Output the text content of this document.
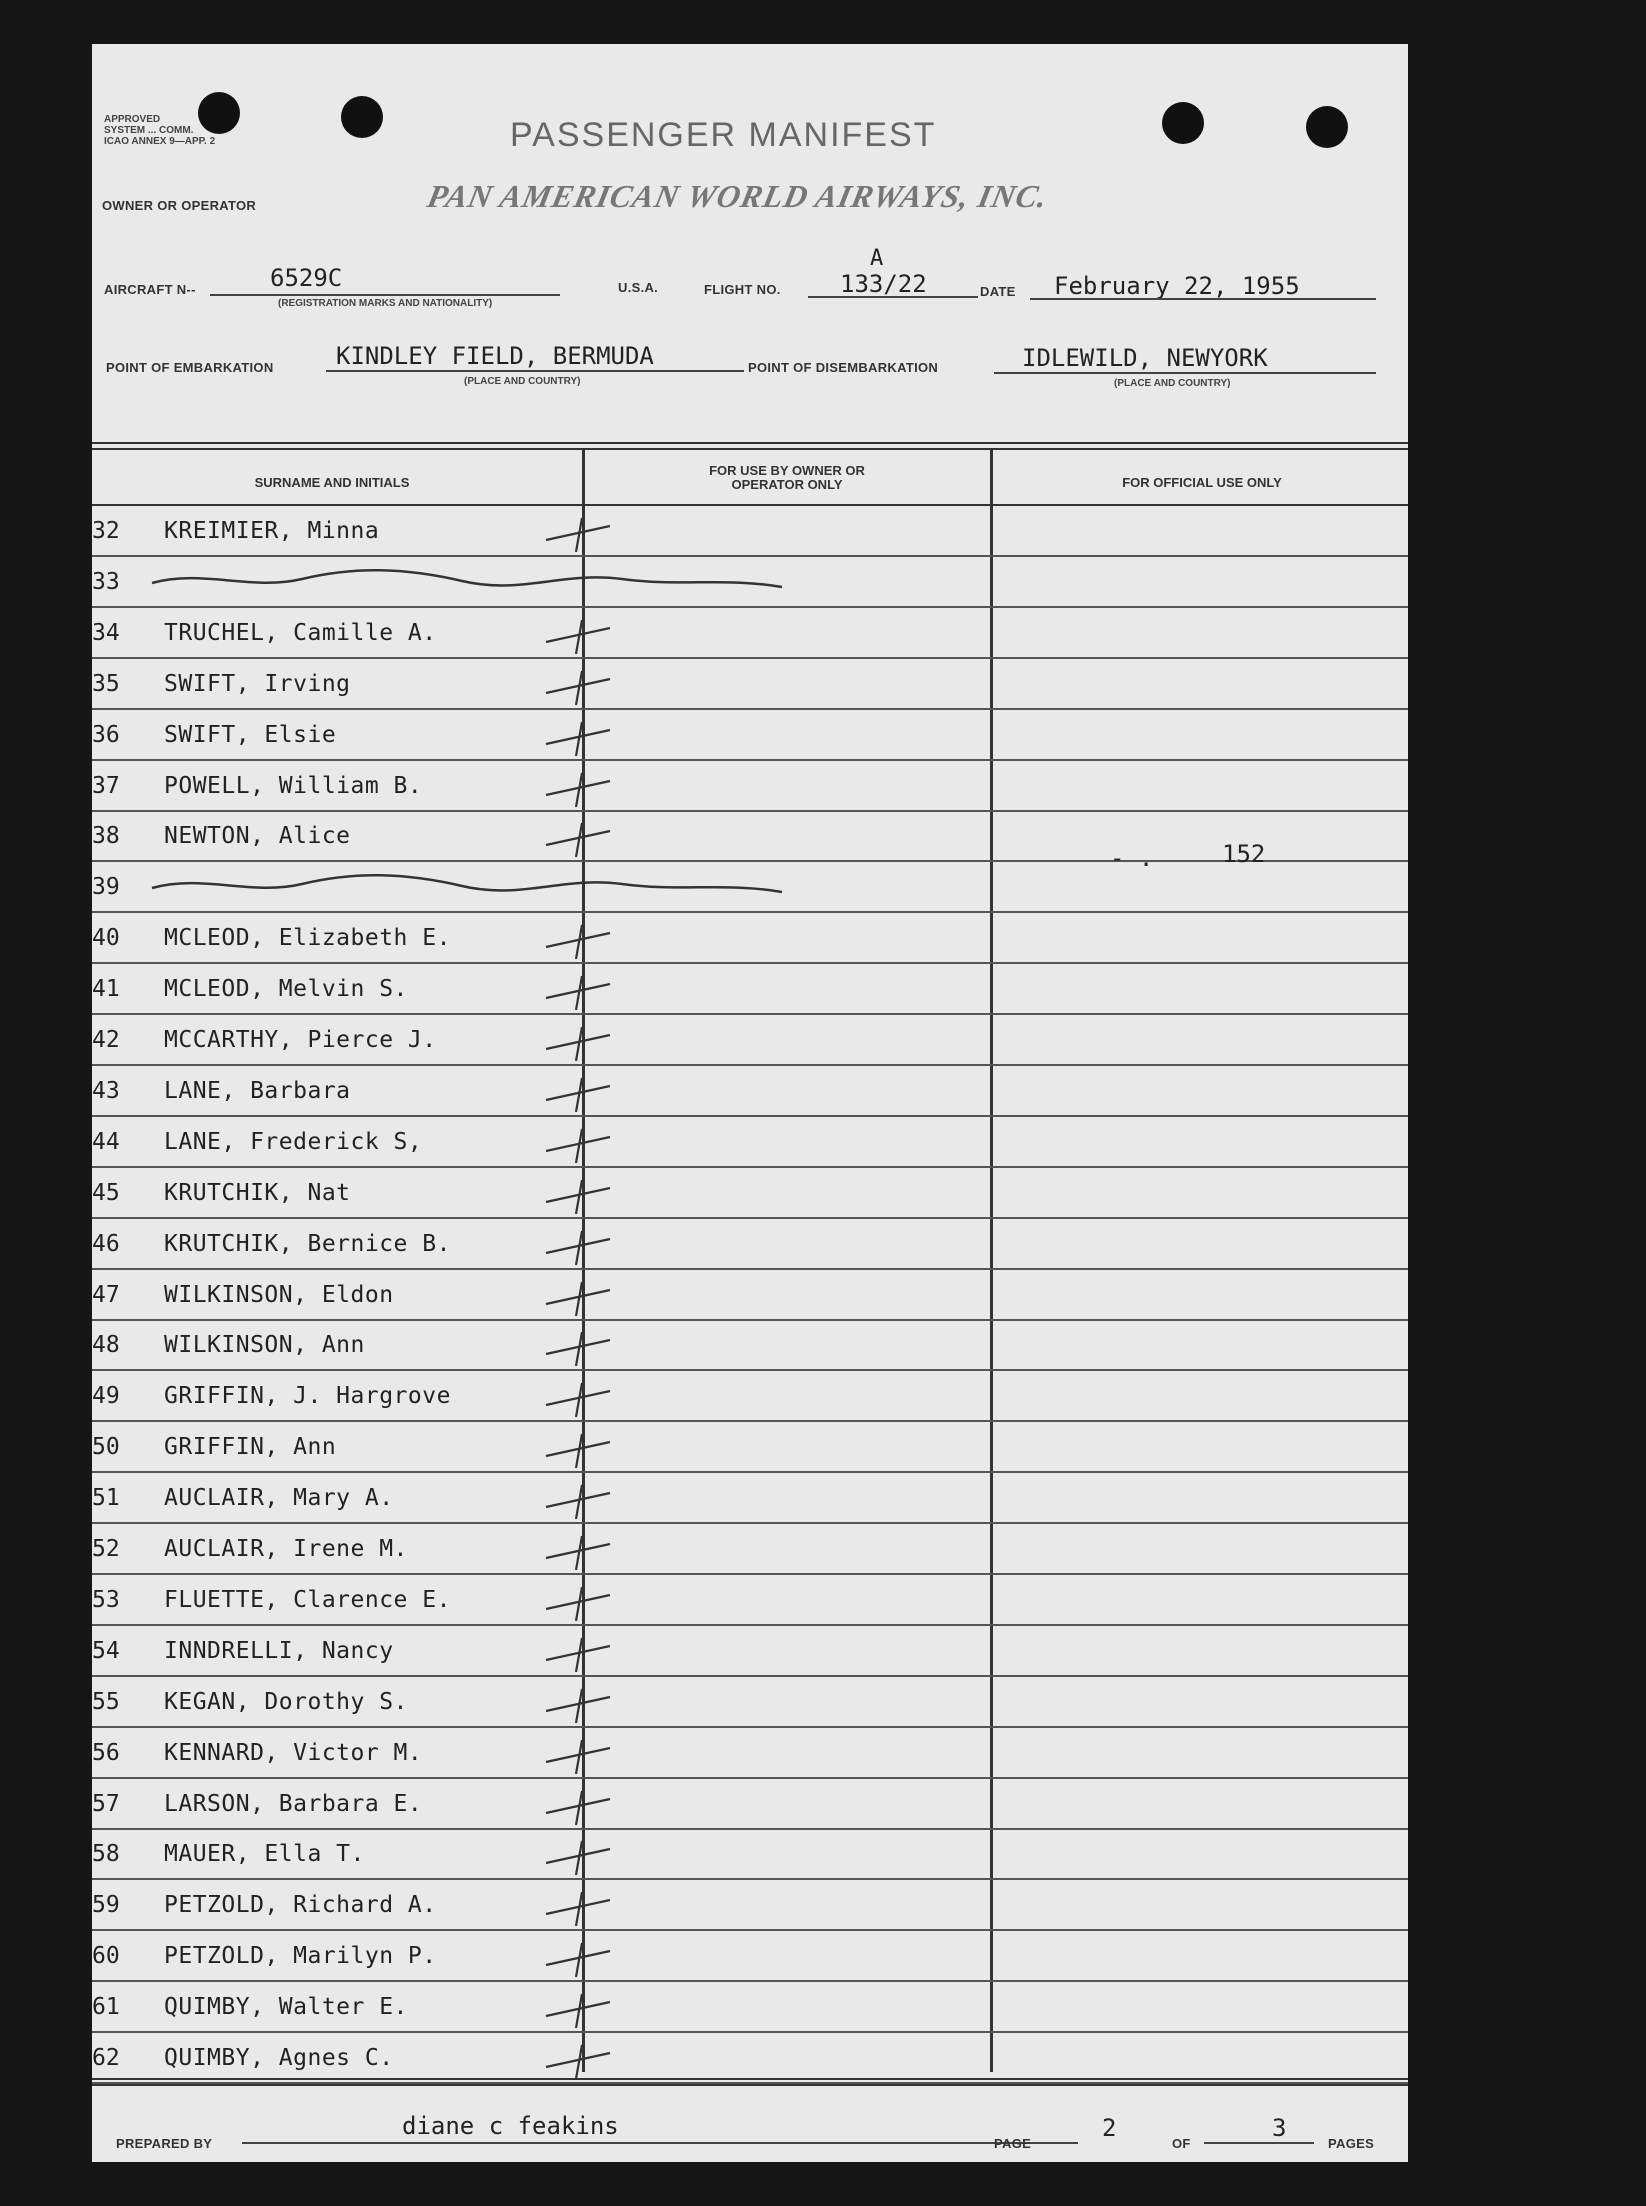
APPROVED
SYSTEM ... COMM.
ICAO ANNEX 9—APP. 2
OWNER OR OPERATOR
PASSENGER MANIFEST
PAN AMERICAN WORLD AIRWAYS, INC.
AIRCRAFT N--	6529C
(REGISTRATION MARKS AND NATIONALITY)
U.S.A.	FLIGHT NO.
A
133/22	DATE February 22, 1955
POINT OF EMBARKATION	KINDLEY FIELD, BERMUDA
(PLACE AND COUNTRY)
POINT OF DISEMBARKATION	IDLEWILD, NEWYORK
(PLACE AND COUNTRY)
SURNAME AND INITIALS
FOR USE BY OWNER OR OPERATOR ONLY	FOR OFFICIAL USE ONLY
32 KREIMIER, Minna
33
34 TRUCHEL, Camille A.
35 SWIFT, Irving
36 SWIFT, Elsie
37 POWELL, William B.
38 NEWTON, Alice
39
40 MCLEOD, Elizabeth E.
41 MCLEOD, Melvin S.
42 MCCARTHY, Pierce J.
43 LANE, Barbara
44 LANE, Frederick S,
45 KRUTCHIK, Nat
46 KRUTCHIK, Bernice B.
47 WILKINSON, Eldon
48 WILKINSON, Ann
49 GRIFFIN, J. Hargrove
50 GRIFFIN, Ann
51 AUCLAIR, Mary A.
52 AUCLAIR, Irene M.
53 FLUETTE, Clarence E.
54 INNDRELLI, Nancy
55 KEGAN, Dorothy S.
56 KENNARD, Victor M.
57 LARSON, Barbara E.
58 MAUER, Ella T.
59 PETZOLD, Richard A.
60 PETZOLD, Marilyn P.
61 QUIMBY, Walter E.
62 QUIMBY, Agnes C.
152
- .
PREPARED BY
diane c feakins
PAGE
2
OF
3
PAGES
